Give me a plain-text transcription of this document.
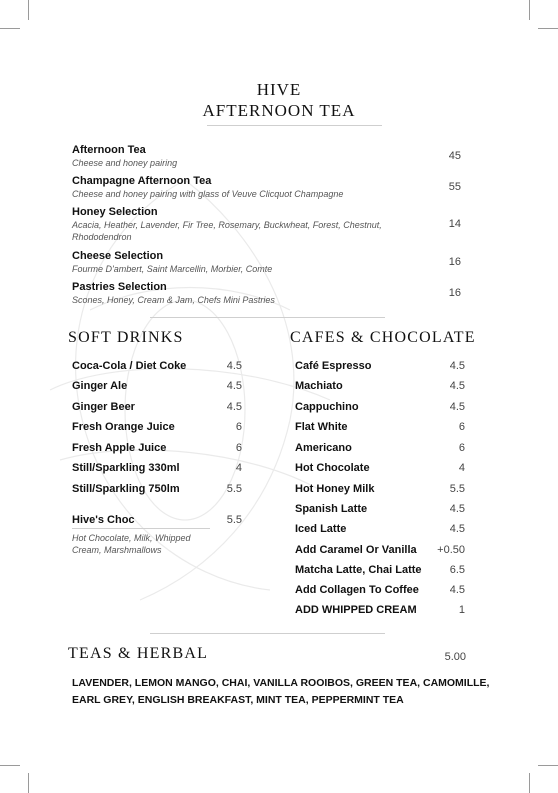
HIVE
AFTERNOON TEA
Afternoon Tea
Cheese and honey pairing
45
Champagne Afternoon Tea
Cheese and honey pairing with glass of Veuve Clicquot Champagne
55
Honey Selection
Acacia, Heather, Lavender, Fir Tree, Rosemary, Buckwheat, Forest, Chestnut, Rhododendron
14
Cheese Selection
Fourme D'ambert, Saint Marcellin, Morbier, Comte
16
Pastries Selection
Scones, Honey, Cream & Jam, Chefs Mini Pastries
16
SOFT DRINKS
Coca-Cola / Diet Coke	4.5
Ginger Ale	4.5
Ginger Beer	4.5
Fresh Orange Juice	6
Fresh Apple Juice	6
Still/Sparkling 330ml	4
Still/Sparkling 750lm	5.5
Hive's Choc	5.5
Hot Chocolate, Milk, Whipped Cream, Marshmallows
CAFES & CHOCOLATE
Café Espresso	4.5
Machiato	4.5
Cappuchino	4.5
Flat White	6
Americano	6
Hot Chocolate	4
Hot Honey Milk	5.5
Spanish Latte	4.5
Iced Latte	4.5
Add Caramel Or Vanilla	+0.50
Matcha Latte, Chai Latte	6.5
Add Collagen To Coffee	4.5
ADD WHIPPED CREAM	1
TEAS & HERBAL	5.00
LAVENDER, LEMON MANGO, CHAI, VANILLA ROOIBOS, GREEN TEA, CAMOMILLE, EARL GREY, ENGLISH BREAKFAST, MINT TEA, PEPPERMINT TEA
